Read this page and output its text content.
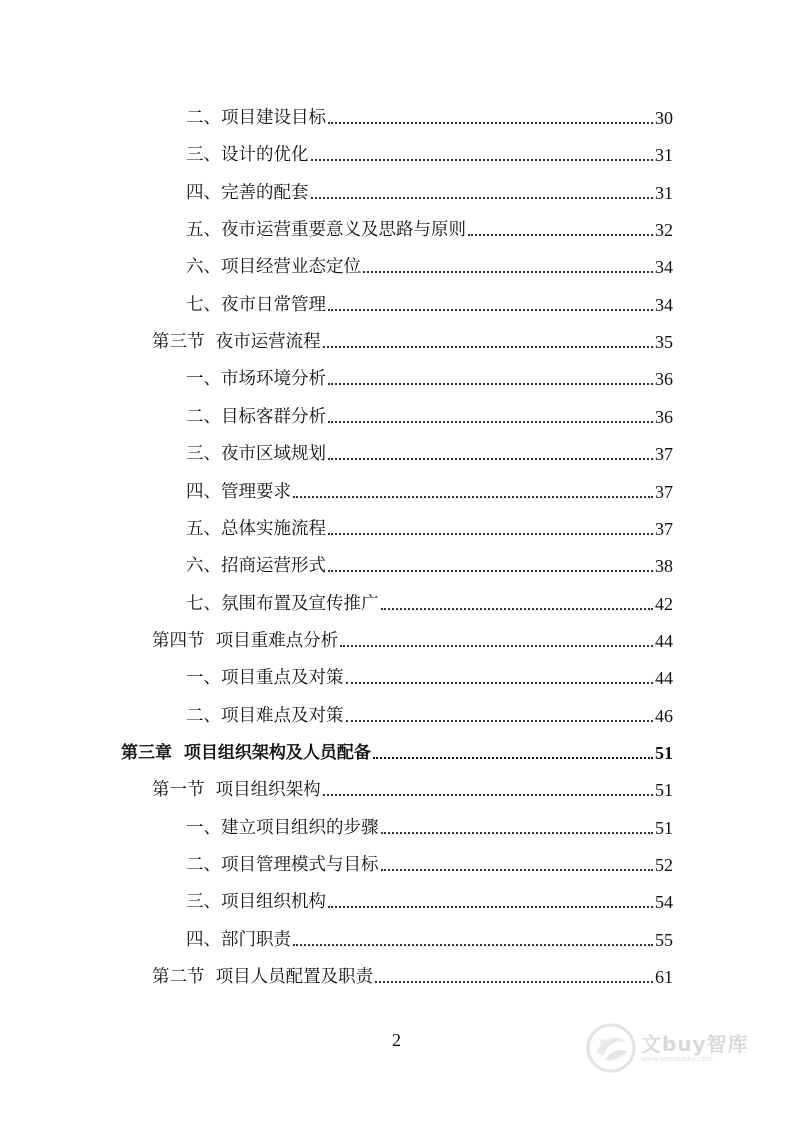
二、项目建设目标	30
三、设计的优化	31
四、完善的配套	31
五、夜市运营重要意义及思路与原则	32
六、项目经营业态定位	34
七、夜市日常管理	34
第三节  夜市运营流程	35
一、市场环境分析	36
二、目标客群分析	36
三、夜市区域规划	37
四、管理要求	37
五、总体实施流程	37
六、招商运营形式	38
七、氛围布置及宣传推广	42
第四节  项目重难点分析	44
一、项目重点及对策	44
二、项目难点及对策	46
第三章  项目组织架构及人员配备	51
第一节  项目组织架构	51
一、建立项目组织的步骤	51
二、项目管理模式与目标	52
三、项目组织机构	54
四、部门职责	55
第二节  项目人员配置及职责	61
2	文buy智库
www.wenduoku.com
